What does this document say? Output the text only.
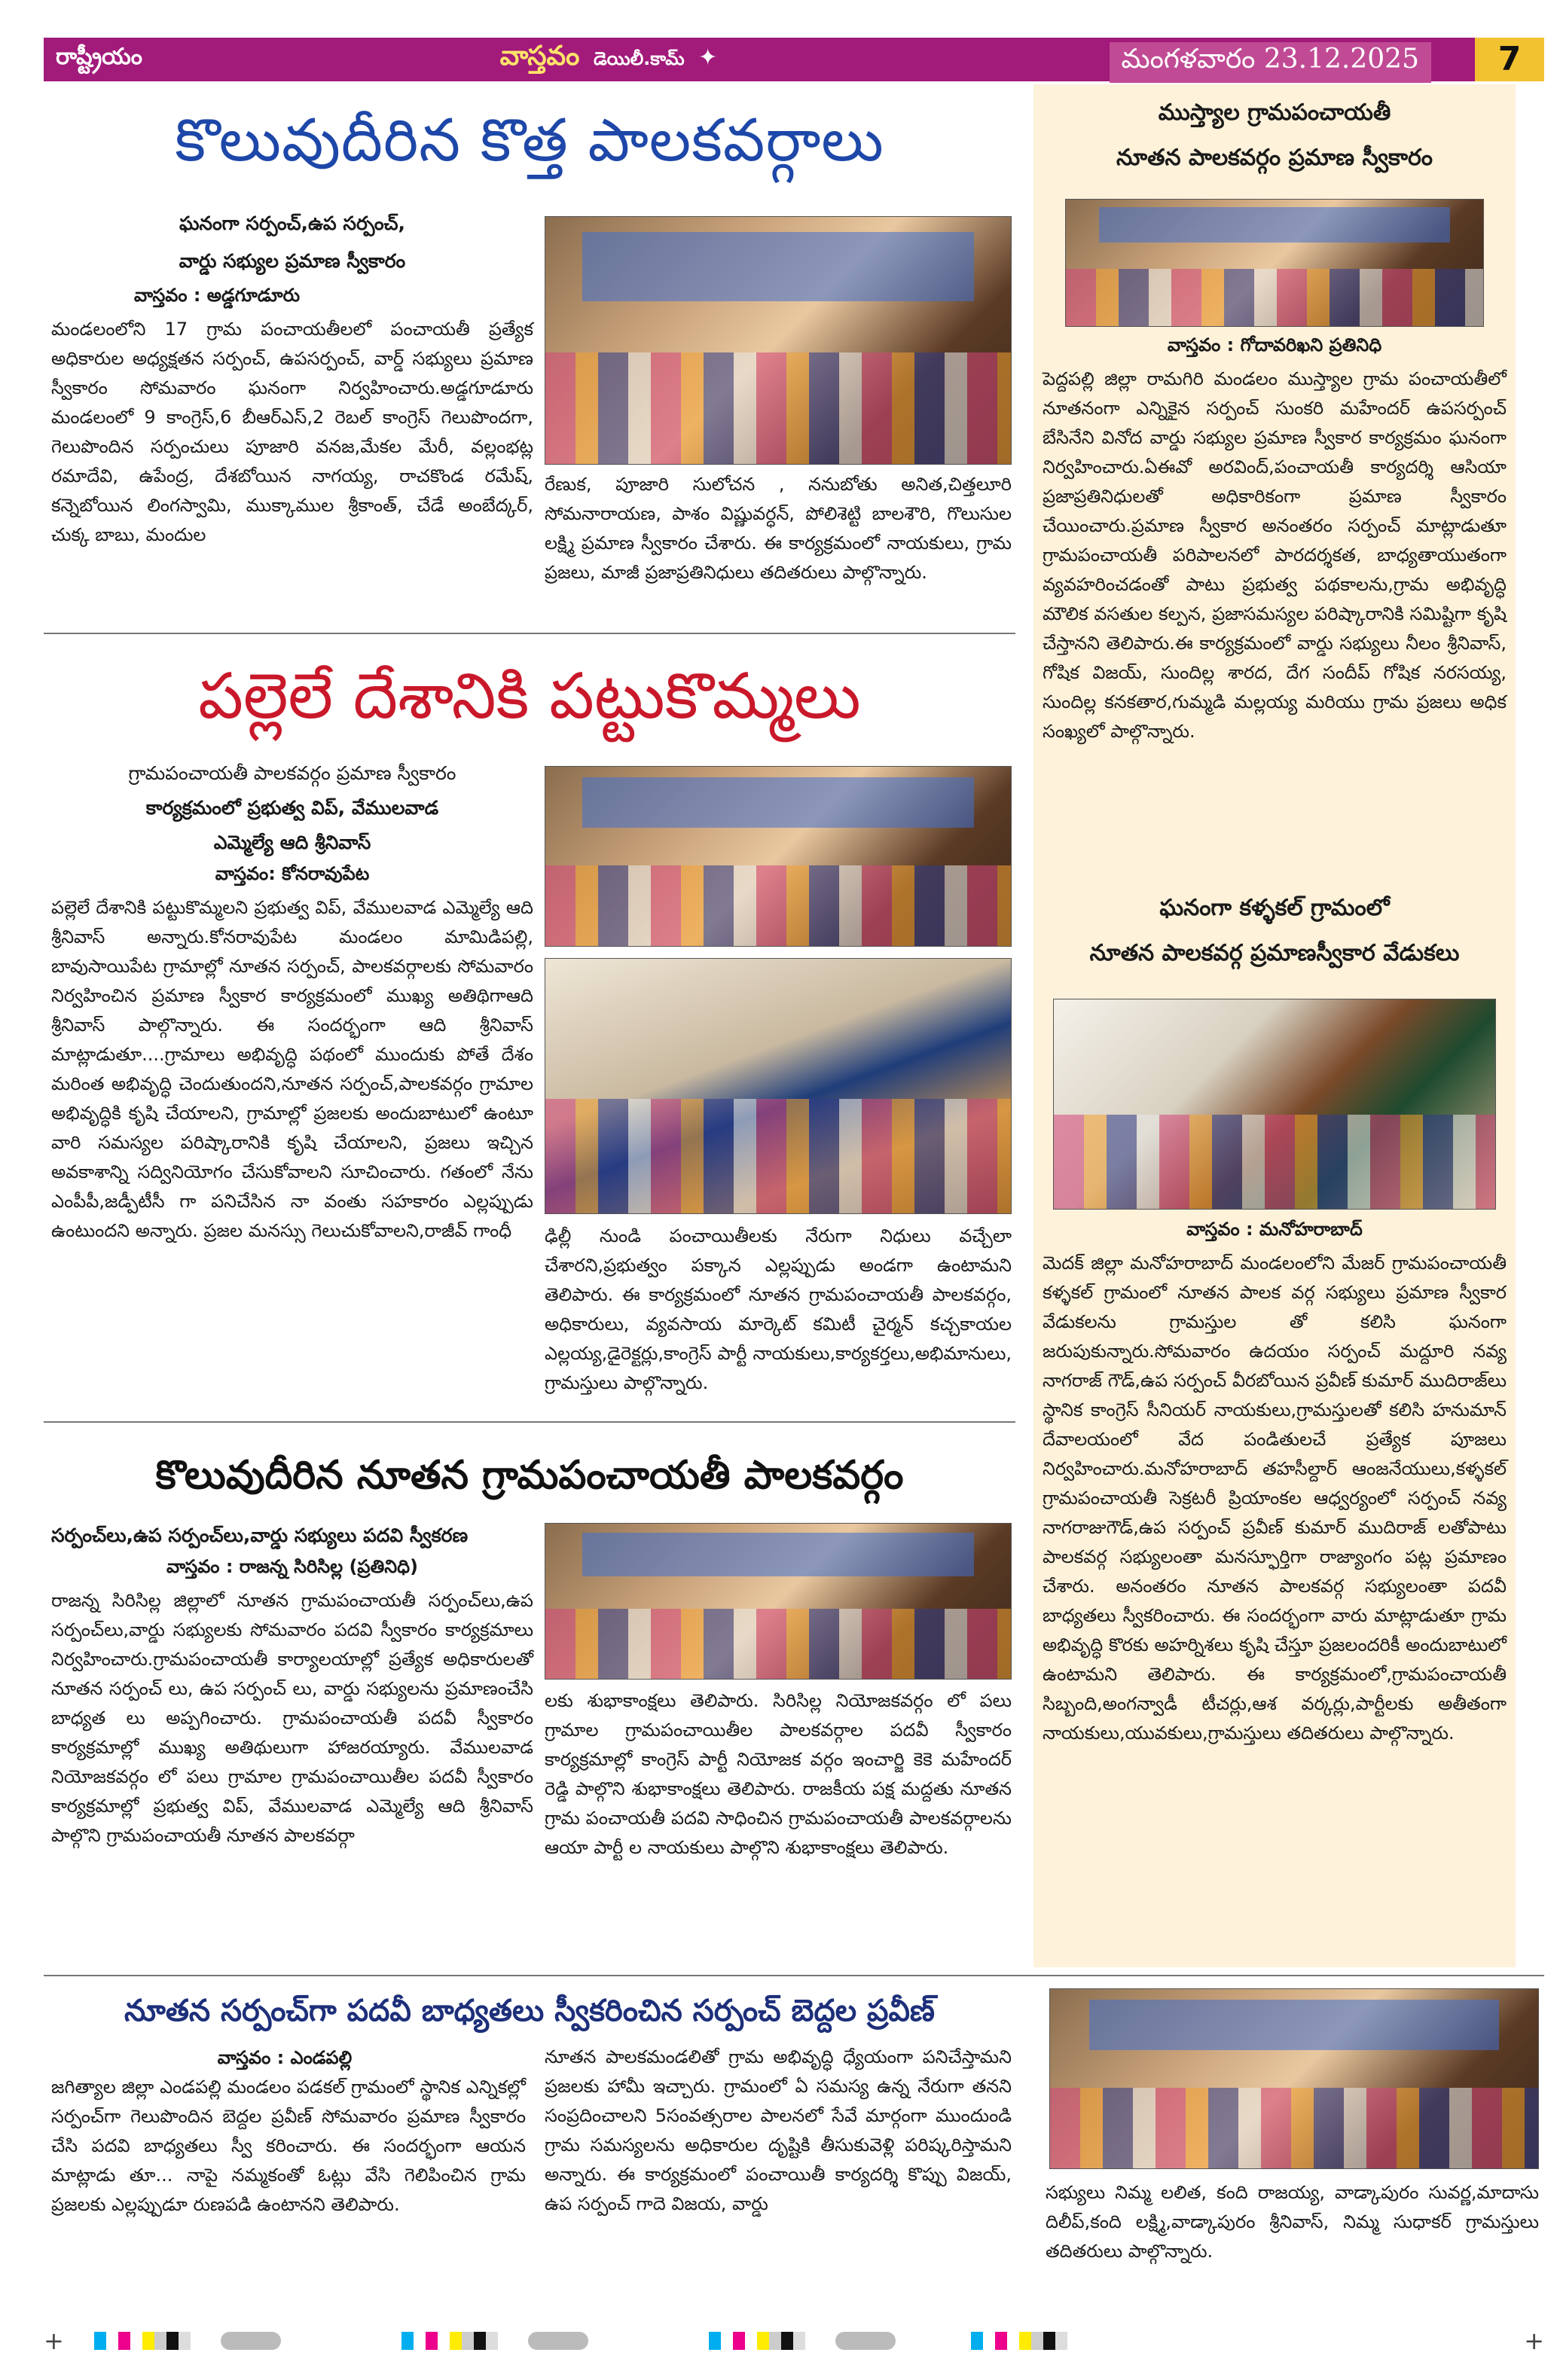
రాష్ట్రీయం	వాస్తవం డెయిలీ.కామ్ ✦	మంగళవారం 23.12.2025	7
కొలువుదీరిన కొత్త పాలకవర్గాలు
ఘనంగా సర్పంచ్,ఉప సర్పంచ్,
వార్డు సభ్యుల ప్రమాణ స్వీకారం
వాస్తవం : అడ్డగూడూరు
మండలంలోని 17 గ్రామ పంచాయతీలలో పంచాయతీ ప్రత్యేక అధికారుల అధ్యక్షతన సర్పంచ్, ఉపసర్పంచ్, వార్డ్ సభ్యులు ప్రమాణ స్వీకారం సోమవారం ఘనంగా నిర్వహించారు.అడ్డగూడూరు మండలంలో 9 కాంగ్రెస్,6 బీఆర్ఎస్,2 రెబల్ కాంగ్రెస్ గెలుపొందగా, గెలుపొందిన సర్పంచులు పూజారి వనజ,మేకల మేరీ, వల్లంభట్ల రమాదేవి, ఉపేంద్ర, దేశబోయిన నాగయ్య, రాచకొండ రమేష్, కన్నెబోయిన లింగస్వామి, ముక్కాముల శ్రీకాంత్, చేడే అంబేద్కర్, చుక్క బాబు, మందుల
రేణుక, పూజారి సులోచన , ననుబోతు అనిత,చిత్తలూరి సోమనారాయణ, పాశం విష్ణువర్ధన్, పోలిశెట్టి బాలశౌరి, గొలుసుల లక్ష్మి ప్రమాణ స్వీకారం చేశారు. ఈ కార్యక్రమంలో నాయకులు, గ్రామ ప్రజలు, మాజీ ప్రజాప్రతినిధులు తదితరులు పాల్గొన్నారు.
పల్లెలే దేశానికి పట్టుకొమ్మలు
గ్రామపంచాయతీ పాలకవర్గం ప్రమాణ స్వీకారం
కార్యక్రమంలో ప్రభుత్వ విప్, వేములవాడ
ఎమ్మెల్యే ఆది శ్రీనివాస్
వాస్తవం: కోనరావుపేట
పల్లెలే దేశానికి పట్టుకొమ్మలని ప్రభుత్వ విప్, వేములవాడ ఎమ్మెల్యే ఆది శ్రీనివాస్ అన్నారు.కోనరావుపేట మండలం మామిడిపల్లి, బావుసాయిపేట గ్రామాల్లో నూతన సర్పంచ్, పాలకవర్గాలకు సోమవారం నిర్వహించిన ప్రమాణ స్వీకార కార్యక్రమంలో ముఖ్య అతిథిగాఆది శ్రీనివాస్ పాల్గొన్నారు. ఈ సందర్భంగా ఆది శ్రీనివాస్ మాట్లాడుతూ....గ్రామాలు అభివృద్ధి పథంలో ముందుకు పోతే దేశం మరింత అభివృద్ధి చెందుతుందని,నూతన సర్పంచ్,పాలకవర్గం గ్రామాల అభివృద్ధికి కృషి చేయాలని, గ్రామాల్లో ప్రజలకు అందుబాటులో ఉంటూ వారి సమస్యల పరిష్కారానికి కృషి చేయాలని, ప్రజలు ఇచ్చిన అవకాశాన్ని సద్వినియోగం చేసుకోవాలని సూచించారు. గతంలో నేను ఎంపీపీ,జడ్పీటీసీ గా పనిచేసిన నా వంతు సహకారం ఎల్లప్పుడు ఉంటుందని అన్నారు. ప్రజల మనస్సు గెలుచుకోవాలని,రాజీవ్ గాంధీ	ఢిల్లీ నుండి పంచాయితీలకు నేరుగా నిధులు వచ్చేలా చేశారని,ప్రభుత్వం పక్కాన ఎల్లప్పుడు అండగా ఉంటామని తెలిపారు. ఈ కార్యక్రమంలో నూతన గ్రామపంచాయతీ పాలకవర్గం, అధికారులు, వ్యవసాయ మార్కెట్ కమిటీ చైర్మన్ కచ్చకాయల ఎల్లయ్య,డైరెక్టర్లు,కాంగ్రెస్ పార్టీ నాయకులు,కార్యకర్తలు,అభిమానులు, గ్రామస్తులు పాల్గొన్నారు.
కొలువుదీరిన నూతన గ్రామపంచాయతీ పాలకవర్గం
సర్పంచ్‌లు,ఉప సర్పంచ్‌లు,వార్డు సభ్యులు పదవి స్వీకరణ
వాస్తవం : రాజన్న సిరిసిల్ల (ప్రతినిధి)
రాజన్న సిరిసిల్ల జిల్లాలో నూతన గ్రామపంచాయతీ సర్పంచ్‌లు,ఉప సర్పంచ్‌లు,వార్డు సభ్యులకు సోమవారం పదవి స్వీకారం కార్యక్రమాలు నిర్వహించారు.గ్రామపంచాయతీ కార్యాలయాల్లో ప్రత్యేక అధికారులతో నూతన సర్పంచ్ లు, ఉప సర్పంచ్ లు, వార్డు సభ్యులను ప్రమాణంచేసి బాధ్యత లు అప్పగించారు. గ్రామపంచాయతీ పదవీ స్వీకారం కార్యక్రమాల్లో ముఖ్య అతిథులుగా హాజరయ్యారు. వేములవాడ నియోజకవర్గం లో పలు గ్రామాల గ్రామపంచాయితీల పదవీ స్వీకారం కార్యక్రమాల్లో ప్రభుత్వ విప్, వేములవాడ ఎమ్మెల్యే ఆది శ్రీనివాస్ పాల్గొని గ్రామపంచాయతీ నూతన పాలకవర్గా
లకు శుభాకాంక్షలు తెలిపారు. సిరిసిల్ల నియోజకవర్గం లో పలు గ్రామాల గ్రామపంచాయితీల పాలకవర్గాల పదవీ స్వీకారం కార్యక్రమాల్లో కాంగ్రెస్ పార్టీ నియోజక వర్గం ఇంచార్జి కెకె మహేందర్ రెడ్డి పాల్గొని శుభాకాంక్షలు తెలిపారు. రాజకీయ పక్ష మద్దతు నూతన గ్రామ పంచాయతీ పదవి సాధించిన గ్రామపంచాయతీ పాలకవర్గాలను ఆయా పార్టీ ల నాయకులు పాల్గొని శుభాకాంక్షలు తెలిపారు.
ముస్త్యాల గ్రామపంచాయతీ
నూతన పాలకవర్గం ప్రమాణ స్వీకారం
వాస్తవం : గోదావరిఖని ప్రతినిధి
పెద్దపల్లి జిల్లా రామగిరి మండలం ముస్త్యాల గ్రామ పంచాయతీలో నూతనంగా ఎన్నికైన సర్పంచ్ సుంకరి మహేందర్ ఉపసర్పంచ్ బేసినేని వినోద వార్డు సభ్యుల ప్రమాణ స్వీకార కార్యక్రమం ఘనంగా నిర్వహించారు.ఏఈవో అరవింద్,పంచాయతీ కార్యదర్శి ఆసియా ప్రజాప్రతినిధులతో అధికారికంగా ప్రమాణ స్వీకారం చేయించారు.ప్రమాణ స్వీకార అనంతరం సర్పంచ్ మాట్లాడుతూ గ్రామపంచాయతీ పరిపాలనలో పారదర్శకత, బాధ్యతాయుతంగా వ్యవహరించడంతో పాటు ప్రభుత్వ పథకాలను,గ్రామ అభివృద్ధి మౌలిక వసతుల కల్పన, ప్రజాసమస్యల పరిష్కారానికి సమిష్టిగా కృషి చేస్తానని తెలిపారు.ఈ కార్యక్రమంలో వార్డు సభ్యులు నీలం శ్రీనివాస్, గోషిక విజయ్, సుందిల్ల శారద, దేగ సందీప్ గోషిక నరసయ్య, సుందిల్ల కనకతార,గుమ్మడి మల్లయ్య మరియు గ్రామ ప్రజలు అధిక సంఖ్యలో పాల్గొన్నారు.
ఘనంగా కళ్ళకల్ గ్రామంలో
నూతన పాలకవర్గ ప్రమాణస్వీకార వేడుకలు
వాస్తవం : మనోహరాబాద్
మెదక్ జిల్లా మనోహరాబాద్ మండలంలోని మేజర్ గ్రామపంచాయతీ కళ్ళకల్ గ్రామంలో నూతన పాలక వర్గ సభ్యులు ప్రమాణ స్వీకార వేడుకలను గ్రామస్తుల తో కలిసి ఘనంగా జరుపుకున్నారు.సోమవారం ఉదయం సర్పంచ్ మద్దూరి నవ్య నాగరాజ్ గౌడ్,ఉప సర్పంచ్ వీరబోయిన ప్రవీణ్ కుమార్ ముదిరాజ్‌లు స్థానిక కాంగ్రెస్ సీనియర్ నాయకులు,గ్రామస్తులతో కలిసి హనుమాన్ దేవాలయంలో వేద పండితులచే ప్రత్యేక పూజలు నిర్వహించారు.మనోహరాబాద్ తహసీల్దార్ ఆంజనేయులు,కళ్ళకల్ గ్రామపంచాయతీ సెక్రటరీ ప్రియాంకల ఆధ్వర్యంలో సర్పంచ్ నవ్య నాగరాజుగౌడ్,ఉప సర్పంచ్ ప్రవీణ్ కుమార్ ముదిరాజ్ లతోపాటు పాలకవర్గ సభ్యులంతా మనస్ఫూర్తిగా రాజ్యాంగం పట్ల ప్రమాణం చేశారు. అనంతరం నూతన పాలకవర్గ సభ్యులంతా పదవీ బాధ్యతలు స్వీకరించారు. ఈ సందర్భంగా వారు మాట్లాడుతూ గ్రామ అభివృద్ధి కొరకు అహర్నిశలు కృషి చేస్తూ ప్రజలందరికీ అందుబాటులో ఉంటామని తెలిపారు. ఈ కార్యక్రమంలో,గ్రామపంచాయతీ సిబ్బంది,అంగన్వాడీ టీచర్లు,ఆశ వర్కర్లు,పార్టీలకు అతీతంగా నాయకులు,యువకులు,గ్రామస్తులు తదితరులు పాల్గొన్నారు.
నూతన సర్పంచ్‌గా పదవీ బాధ్యతలు స్వీకరించిన సర్పంచ్ బెద్దల ప్రవీణ్
వాస్తవం : ఎండపల్లి
జగిత్యాల జిల్లా ఎండపల్లి మండలం పడకల్ గ్రామంలో స్థానిక ఎన్నికల్లో సర్పంచ్‌గా గెలుపొందిన బెద్దల ప్రవీణ్ సోమవారం ప్రమాణ స్వీకారం చేసి పదవి బాధ్యతలు స్వీ కరించారు. ఈ సందర్భంగా ఆయన మాట్లాడు తూ... నాపై నమ్మకంతో ఓట్లు వేసి గెలిపించిన గ్రామ ప్రజలకు ఎల్లప్పుడూ రుణపడి ఉంటానని తెలిపారు.
నూతన పాలకమండలితో గ్రామ అభివృద్ధి ధ్యేయంగా పనిచేస్తామని ప్రజలకు హామీ ఇచ్చారు. గ్రామంలో ఏ సమస్య ఉన్న నేరుగా తనని సంప్రదించాలని 5సంవత్సరాల పాలనలో సేవే మార్గంగా ముందుండి గ్రామ సమస్యలను అధికారుల దృష్టికి తీసుకువెళ్లి పరిష్కరిస్తామని అన్నారు. ఈ కార్యక్రమంలో పంచాయితీ కార్యదర్శి కొప్పు విజయ్, ఉప సర్పంచ్ గాదె విజయ, వార్డు
సభ్యులు నిమ్మ లలిత, కంది రాజయ్య, వాడ్కాపురం సువర్ణ,మాదాసు దిలీప్,కంది లక్ష్మి,వాడ్కాపురం శ్రీనివాస్, నిమ్మ సుధాకర్ గ్రామస్తులు తదితరులు పాల్గొన్నారు.
+	+
